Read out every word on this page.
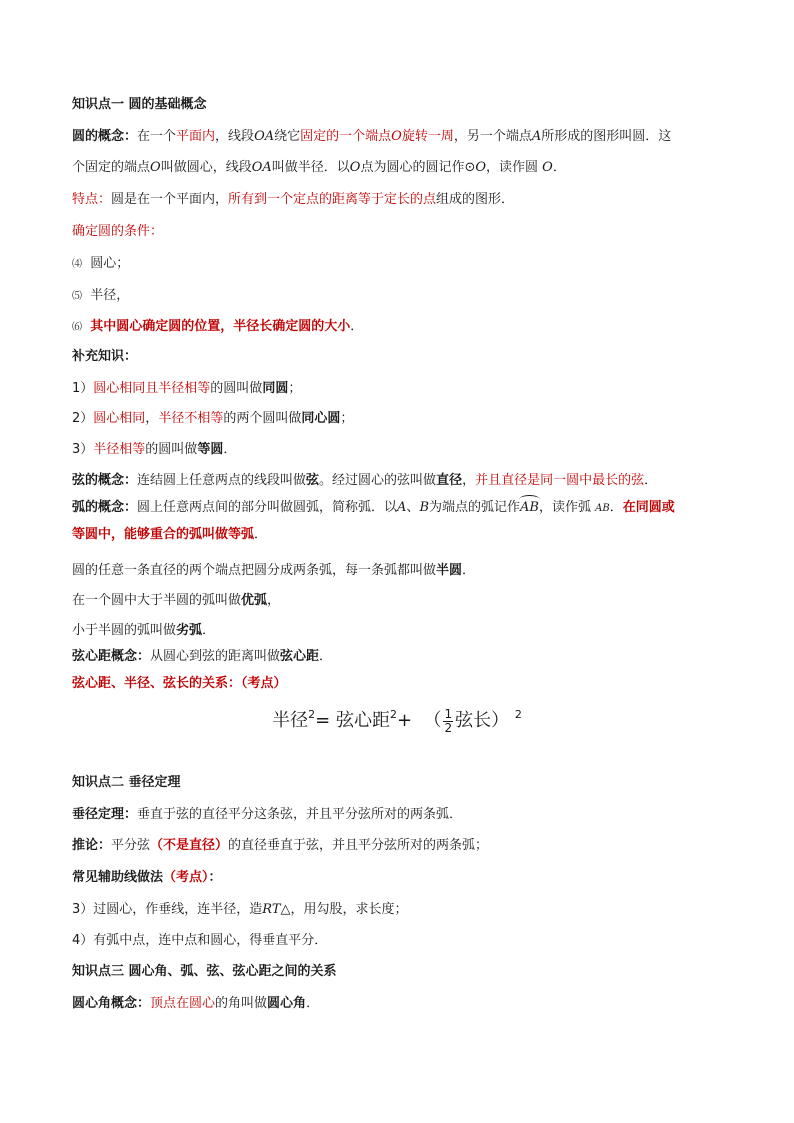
知识点一 圆的基础概念
圆的概念：在一个平面内，线段OA绕它固定的一个端点O旋转一周，另一个端点A所形成的图形叫圆．这
个固定的端点O叫做圆心，线段OA叫做半径．以O点为圆心的圆记作⊙O，读作圆 O．
特点：圆是在一个平面内，所有到一个定点的距离等于定长的点组成的图形．
确定圆的条件：
⑷ 圆心；
⑸ 半径，
⑹ 其中圆心确定圆的位置，半径长确定圆的大小．
补充知识：
1）圆心相同且半径相等的圆叫做同圆；
2）圆心相同，半径不相等的两个圆叫做同心圆；
3）半径相等的圆叫做等圆．
弦的概念：连结圆上任意两点的线段叫做弦。经过圆心的弦叫做直径，并且直径是同一圆中最长的弦．
弧的概念：圆上任意两点间的部分叫做圆弧，简称弧．以A、B为端点的弧记作AB，读作弧 AB．在同圆或
等圆中，能够重合的弧叫做等弧．
圆的任意一条直径的两个端点把圆分成两条弧，每一条弧都叫做半圆．
在一个圆中大于半圆的弧叫做优弧，
小于半圆的弧叫做劣弧．
弦心距概念：从圆心到弦的距离叫做弦心距．
弦心距、半径、弦长的关系：（考点）
半径$^2$= 弦心距$^2$+  （ $\frac{1}{2}$ 弦长） $^2$
知识点二 垂径定理
垂径定理：垂直于弦的直径平分这条弦，并且平分弦所对的两条弧．
推论：平分弦（不是直径）的直径垂直于弦，并且平分弦所对的两条弧；
常见辅助线做法（考点）：
3）过圆心，作垂线，连半径，造RT△，用勾股，求长度；
4）有弧中点，连中点和圆心，得垂直平分．
知识点三 圆心角、弧、弦、弦心距之间的关系
圆心角概念：顶点在圆心的角叫做圆心角．
